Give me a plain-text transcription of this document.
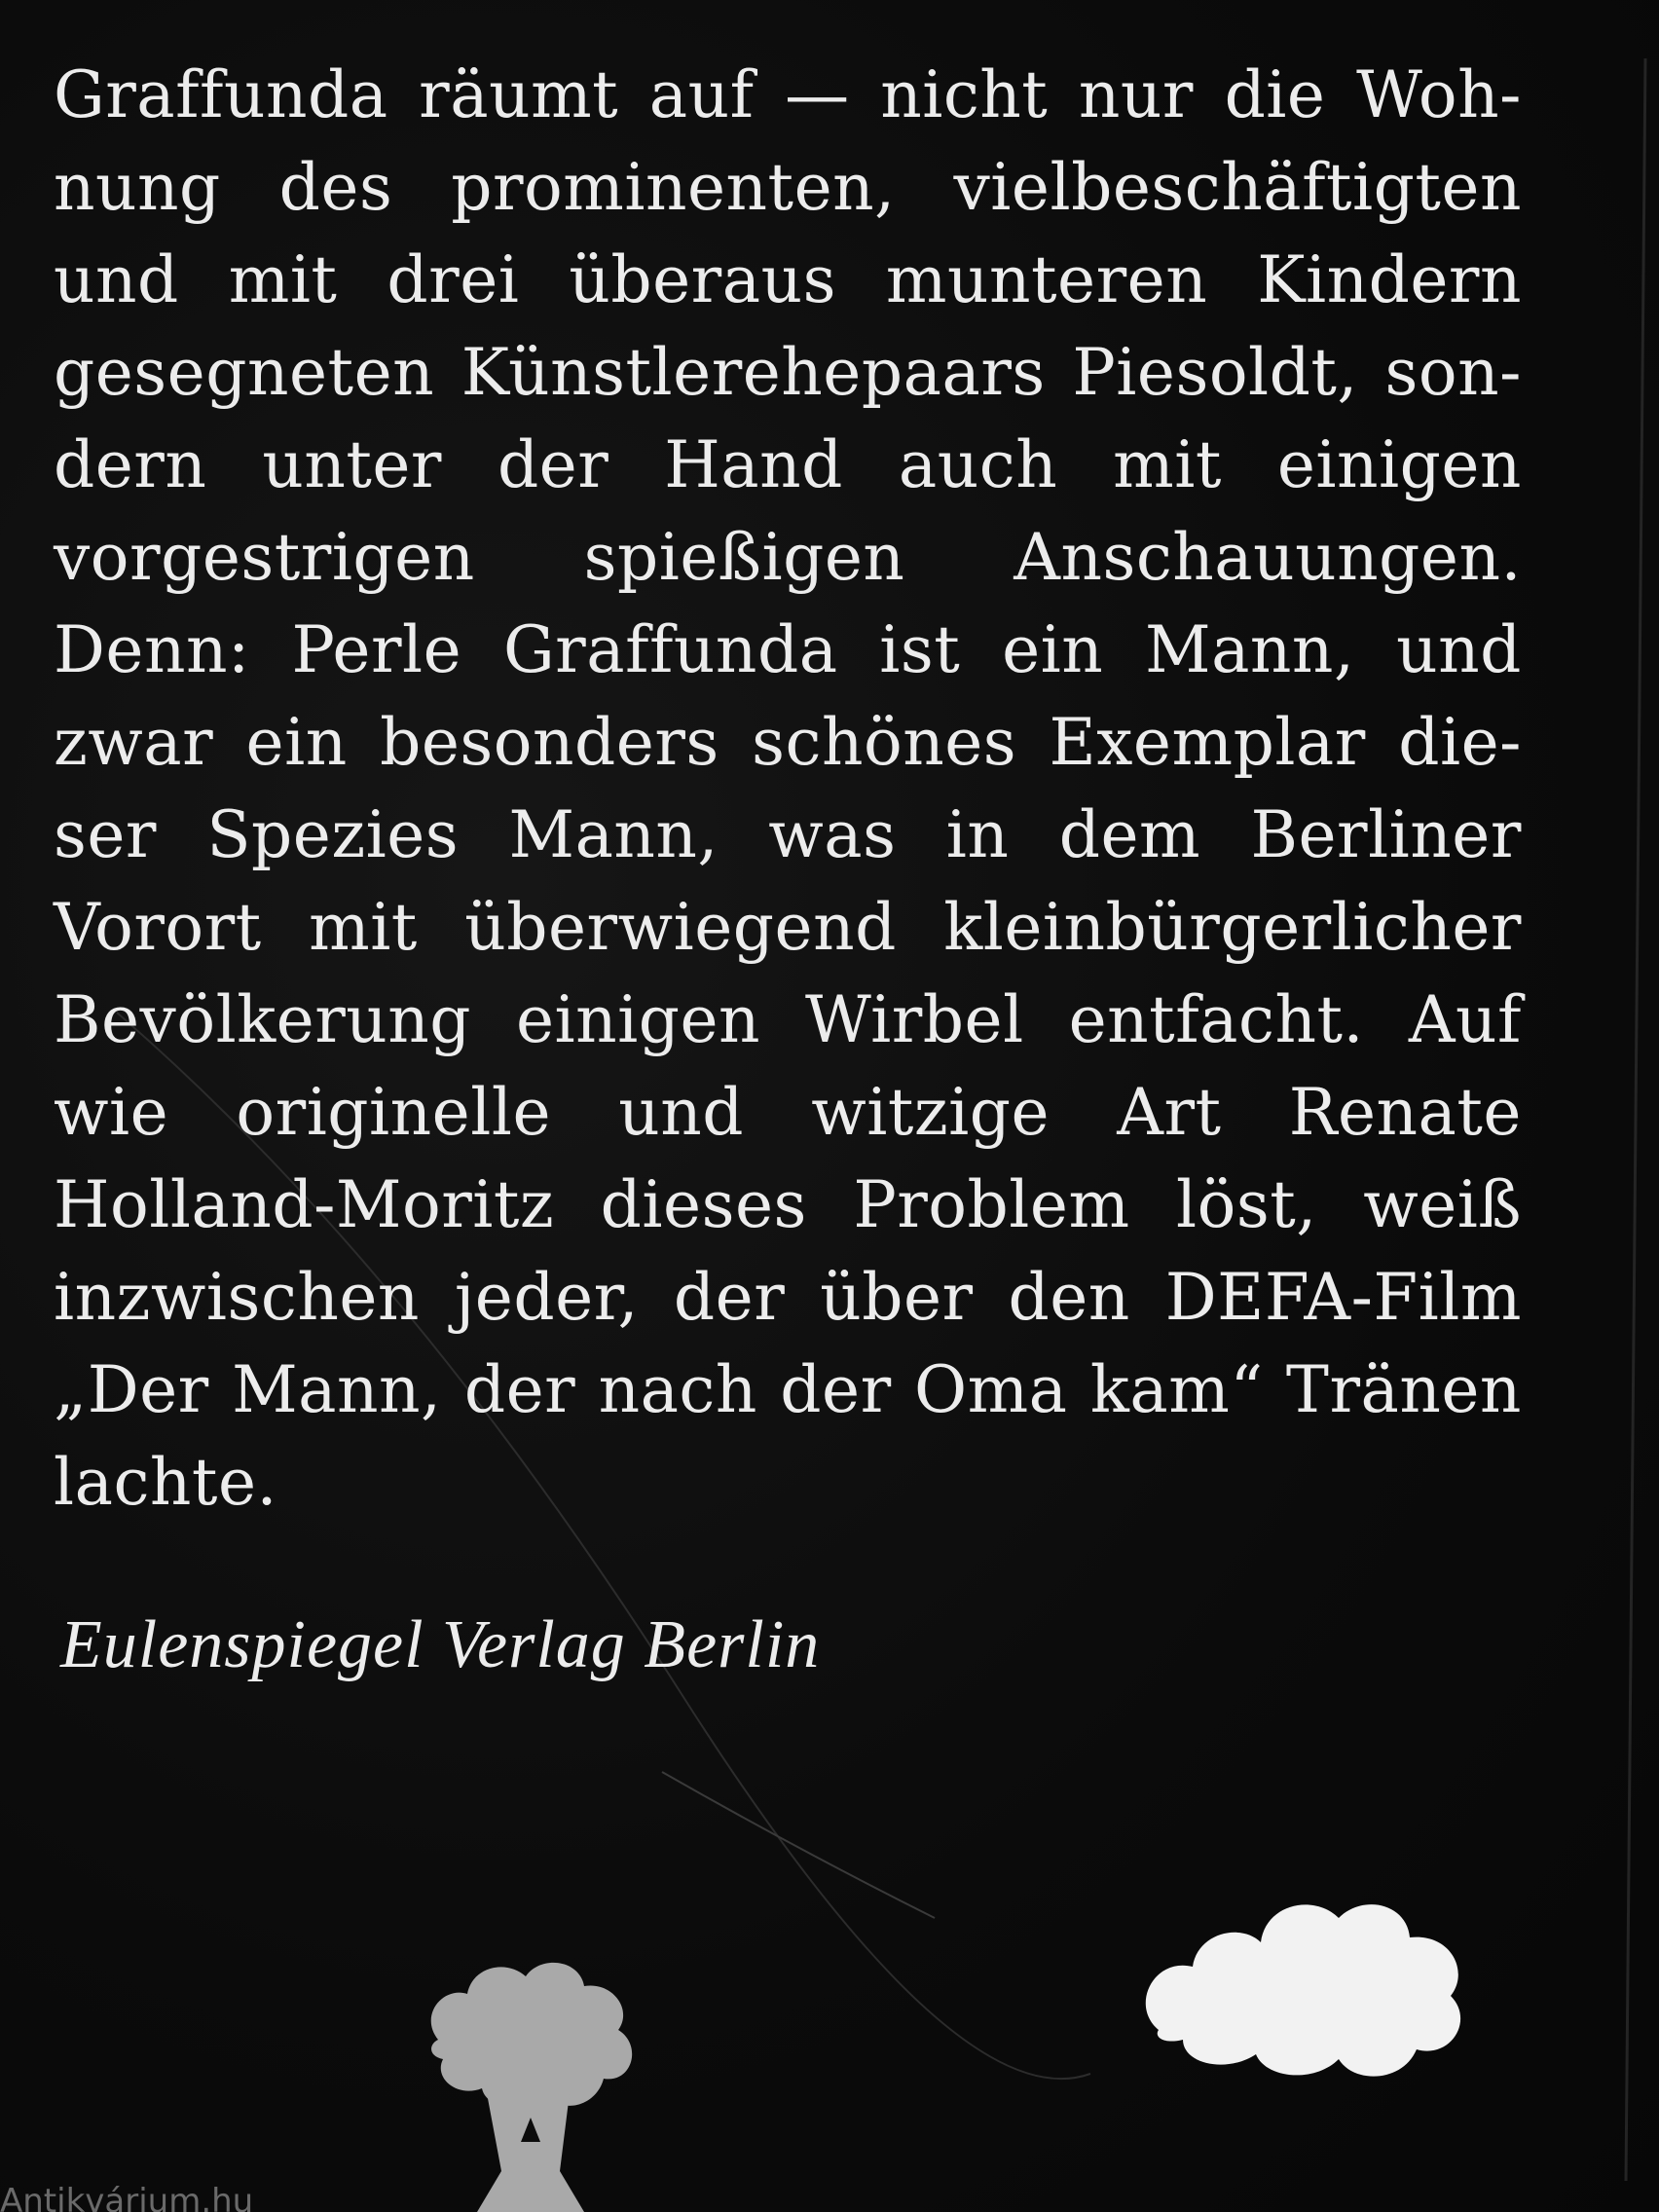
Graffunda räumt auf — nicht nur die Woh-
nung des prominenten, vielbeschäftigten
und mit drei überaus munteren Kindern
gesegneten Künstlerehepaars Piesoldt, son-
dern unter der Hand auch mit einigen
vorgestrigen spießigen Anschauungen.
Denn: Perle Graffunda ist ein Mann, und
zwar ein besonders schönes Exemplar die-
ser Spezies Mann, was in dem Berliner
Vorort mit überwiegend kleinbürgerlicher
Bevölkerung einigen Wirbel entfacht. Auf
wie originelle und witzige Art Renate
Holland-Moritz dieses Problem löst, weiß
inzwischen jeder, der über den DEFA-Film
„Der Mann, der nach der Oma kam“ Tränen
lachte.
Eulenspiegel Verlag Berlin
Antikvárium.hu
